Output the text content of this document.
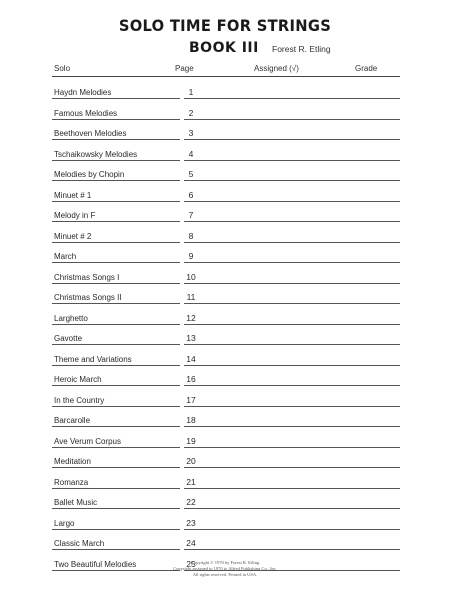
SOLO TIME FOR STRINGS
BOOK III Forest R. Etling
Solo	Page	Assigned (√)	Grade
Haydn Melodies	1
Famous Melodies	2
Beethoven Melodies	3
Tschaikowsky Melodies	4
Melodies by Chopin	5
Minuet # 1	6
Melody in F	7
Minuet # 2	8
March	9
Christmas Songs I	10
Christmas Songs II	11
Larghetto	12
Gavotte	13
Theme and Variations	14
Heroic March	16
In the Country	17
Barcarolle	18
Ave Verum Corpus	19
Meditation	20
Romanza	21
Ballet Music	22
Largo	23
Classic March	24
Two Beautiful Melodies	25
Copyright © 1970 by Forest R. Etling
Copyright assigned to 1970 to Alfred Publishing Co., Inc.
All rights reserved. Printed in USA.
